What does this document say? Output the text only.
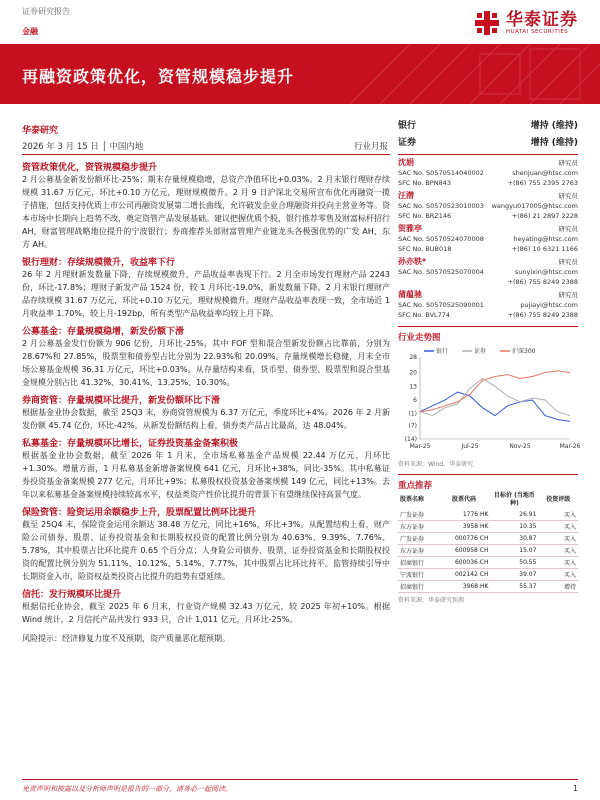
证券研究报告
金融
华泰证券
HUATAI SECURITIES
再融资政策优化，资管规模稳步提升
华泰研究
2026 年 3 月 15 日 │ 中国内地	行业月报
资管政策优化，资管规模稳步提升
2 月公募基金新发份额环比-25%；期末存量规模稳增，总资产净值环比+0.03%。2 月末银行理财存续规模 31.67 万亿元，环比+0.10 万亿元，理财规模微升。2 月 9 日沪深北交易所宣布优化再融资一揽子措施，包括支持优质上市公司再融资发展第二增长曲线，允许破发企业合理融资并投向主营业务等。资本市场中长期向上趋势不改，奠定资管产品发展基础。建议把握优质个股，银行推荐零售及财富标杆招行 AH，财富管理战略地位提升的宁波银行；券商推荐头部财富管理产业链龙头各极强优势的广发 AH、东方 AH。
银行理财：存续规模微升，收益率下行
26 年 2 月理财新发数量下降，存续规模微升，产品收益率表现下行。2 月全市场发行理财产品 2243 份，环比-17.8%；理财子新发产品 1524 份，较 1 月环比-19.0%，新发数量下降。2 月末银行理财产品存续规模 31.67 万亿元，环比+0.10 万亿元，理财规模微升。理财产品收益率表现一致，全市场近 1 月收益率 1.70%，较上月-192bp，所有类型产品收益率均较上月下降。
公募基金：存量规模稳增，新发份额下滑
2 月公募基金发行份额为 906 亿份，月环比-25%，其中 FOF 型和混合型新发份额占比靠前，分别为 28.67%和 27.85%，股票型和债券型占比分别为 22.93%和 20.09%。存量规模增长稳健，月末全市场公募基金规模 36.31 万亿元，环比+0.03%。从存量结构来看，货币型、债券型、股票型和混合型基金规模分别占比 41.32%、30.41%、13.25%、10.30%。
券商资管：存量规模环比提升，新发份额环比下滑
根据基金业协会数据，截至 25Q3 末，券商资管规模为 6.37 万亿元，季度环比+4%。2026 年 2 月新发份额 45.74 亿份，环比-42%。从新发份额结构上看，债券类产品占比最高，达 48.04%。
私募基金：存量规模环比增长，证券投资基金备案积极
根据基金业协会数据，截至 2026 年 1 月末，全市场私募基金产品规模 22.44 万亿元，月环比+1.30%。增量方面，1 月私募基金新增备案规模 641 亿元，月环比+38%，同比-35%。其中私募证券投资基金备案规模 277 亿元，月环比+9%；私募股权投资基金备案规模 149 亿元，同比+13%。去年以来私募基金备案规模持续较高水平，权益类资产性价比提升的背景下有望继续保持高景气度。
保险资管：险资运用余额稳步上升，股票配置比例环比提升
截至 25Q4 末，保险资金运用余额达 38.48 万亿元，同比+16%，环比+3%。从配置结构上看，财产险公司债券、股票、证券投资基金和长期股权投资的配置比例分别为 40.63%、9.39%、7.76%、5.78%，其中股票占比环比提升 0.65 个百分点；人身险公司债券、股票、证券投资基金和长期股权投资的配置比例分别为 51.11%、10.12%、5.14%、7.77%，其中股票占比环比持平。监管持续引导中长期资金入市，险资权益类投资占比提升的趋势有望延续。
信托：发行规模环比提升
根据信托业协会，截至 2025 年 6 月末，行业资产规模 32.43 万亿元，较 2025 年初+10%。根据 Wind 统计，2 月信托产品共发行 933 只，合计 1,011 亿元，月环比-25%。
风险提示：经济修复力度不及预期，资产质量恶化超预期。
银行	增持 (维持)
证券	增持 (维持)
沈娟	研究员
SAC No. S0570514040002	shenjuan@htsc.com
SFC No. BPN843	+(86) 755 2395 2763
汪潜	研究员
SAC No. S0570523010003 wangyu017005@htsc.com
SFC No. BRZ146	+(86) 21 2897 2228
贺雅亭	研究员
SAC No. S0570524070008	heyating@htsc.com
SFC No. BUB018	+(86) 10 6321 1166
孙亦轶*	研究员
SAC No. S0570525070004	sunyixin@htsc.com
+(86) 755 8249 2388
蒲蕴驰	研究员
SAC No. S0570525090001	pujiayi@htsc.com
SFC No. BVL774	+(86) 755 8249 2388
行业走势图
28
20
13
6
(1)
(7)
(14)
Mar-25	Jul-25	Nov-25	Mar-26
银行	证券	沪深300
资料来源：Wind，华泰研究
重点推荐
股票名称	股票代码	目标价 (当地币种)	投资评级
广发证券	1776 HK	26.91	买入
东方证券	3958 HK	10.35	买入
广发证券	000776 CH	30.87	买入
东方证券	600958 CH	15.07	买入
招商银行	600036 CH	50.55	买入
宁波银行	002142 CH	39.07	买入
招商银行	3968 HK	55.37	增持
资料来源：华泰研究预测
免责声明和披露以及分析师声明是报告的一部分，请务必一起阅读。	1
